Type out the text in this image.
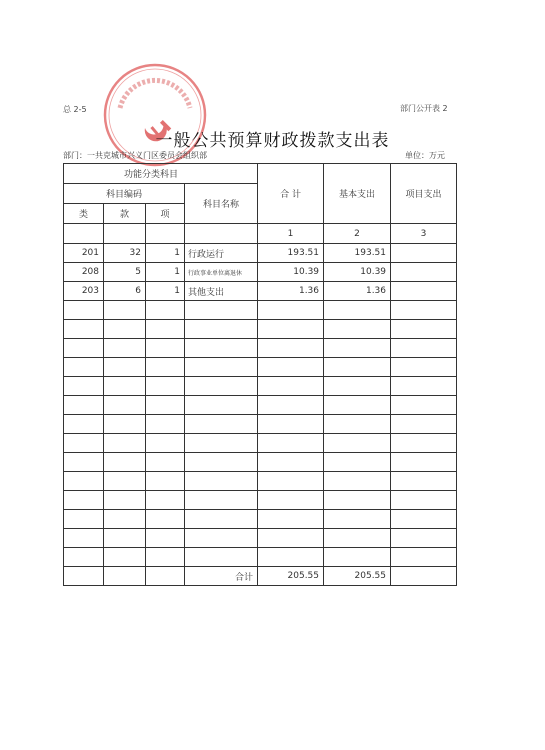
总 2-5	部门公开表 2
一般公共预算财政拨款支出表
部门：一共克城市兴义门区委员会组织部	单位：万元
功能分类科目				合 计	基本支出	项目支出
科目编码			科目名称			
类	款	项				
				1	2	3
201	32	1	行政运行	193.51	193.51	
208	5	1	行政事业单位离退休	10.39	10.39	
203	6	1	其他支出	1.36	1.36	

			合计	205.55	205.55	
